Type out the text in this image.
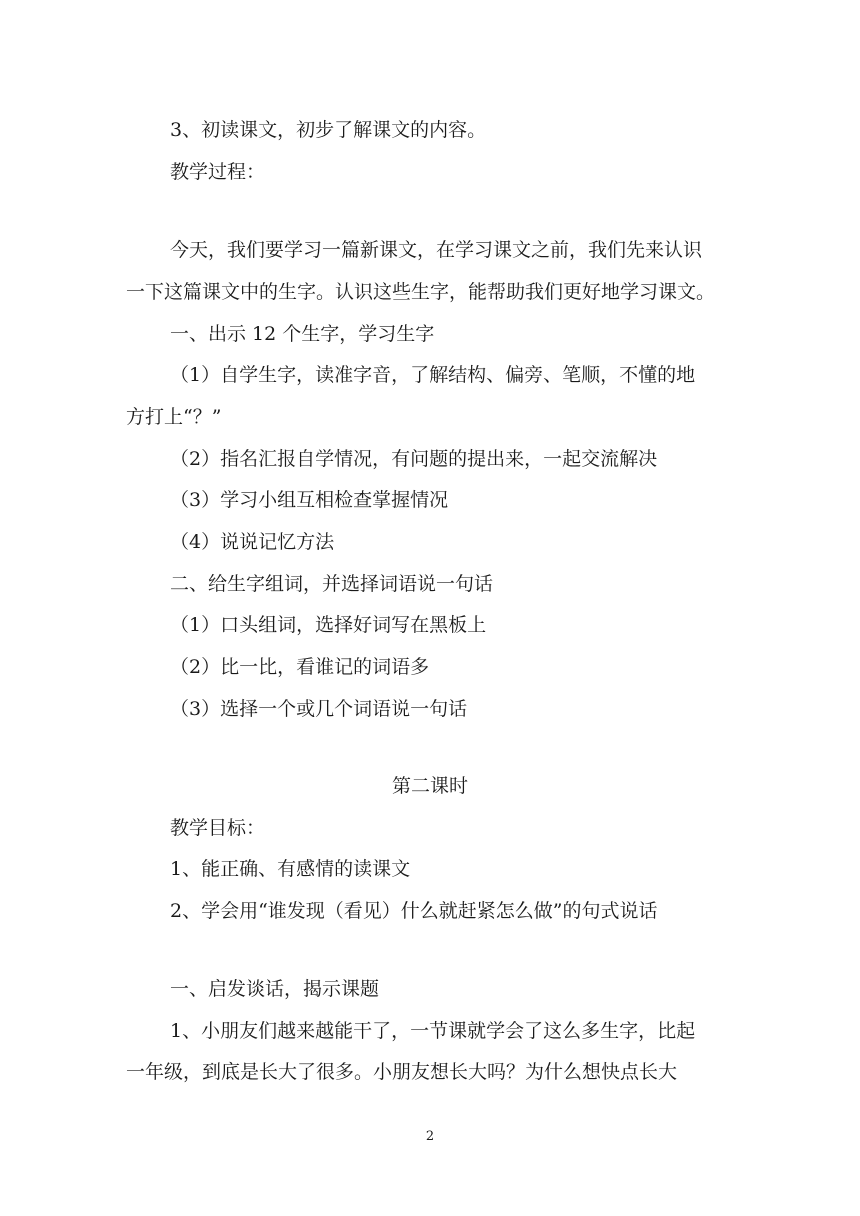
3、初读课文，初步了解课文的内容。
教学过程：
今天，我们要学习一篇新课文，在学习课文之前，我们先来认识
一下这篇课文中的生字。认识这些生字，能帮助我们更好地学习课文。
一、出示 12 个生字，学习生字
（1）自学生字，读准字音，了解结构、偏旁、笔顺，不懂的地
方打上“？”
（2）指名汇报自学情况，有问题的提出来，一起交流解决
（3）学习小组互相检查掌握情况
（4）说说记忆方法
二、给生字组词，并选择词语说一句话
（1）口头组词，选择好词写在黑板上
（2）比一比，看谁记的词语多
（3）选择一个或几个词语说一句话
第二课时
教学目标：
1、能正确、有感情的读课文
2、学会用“谁发现（看见）什么就赶紧怎么做”的句式说话
一、启发谈话，揭示课题
1、小朋友们越来越能干了，一节课就学会了这么多生字，比起
一年级，到底是长大了很多。小朋友想长大吗？为什么想快点长大
2
